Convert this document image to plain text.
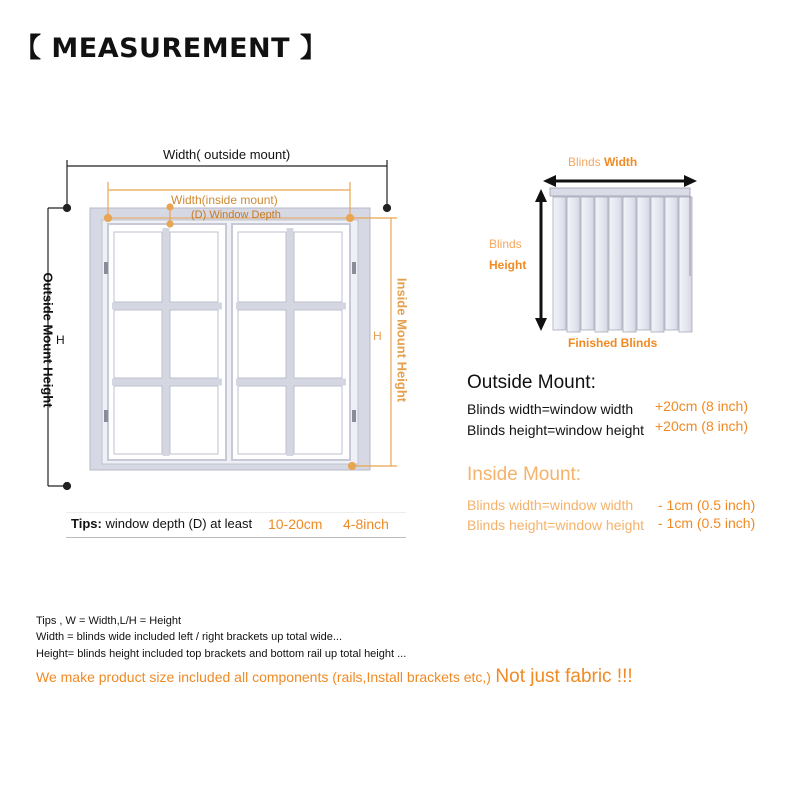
【 MEASUREMENT 】
Width( outside mount)
Width(inside mount)
(D) Window Depth
Outside Mount Height	Inside Mount Height
H	H
Tips: window depth (D) at least 10-20cm 4-8inch
Blinds Width
Blinds
Height
Finished Blinds
Outside Mount:
Blinds width=window width +20cm (8 inch)
Blinds height=window height +20cm (8 inch)
Inside Mount:
Blinds width=window width - 1cm (0.5 inch)
Blinds height=window height - 1cm (0.5 inch)
Tips , W = Width,L/H = Height
Width = blinds wide included left / right brackets up total wide...
Height= blinds height included top brackets and bottom rail up total height ...
We make product size included all components (rails,Install brackets etc,) Not just fabric !!!
